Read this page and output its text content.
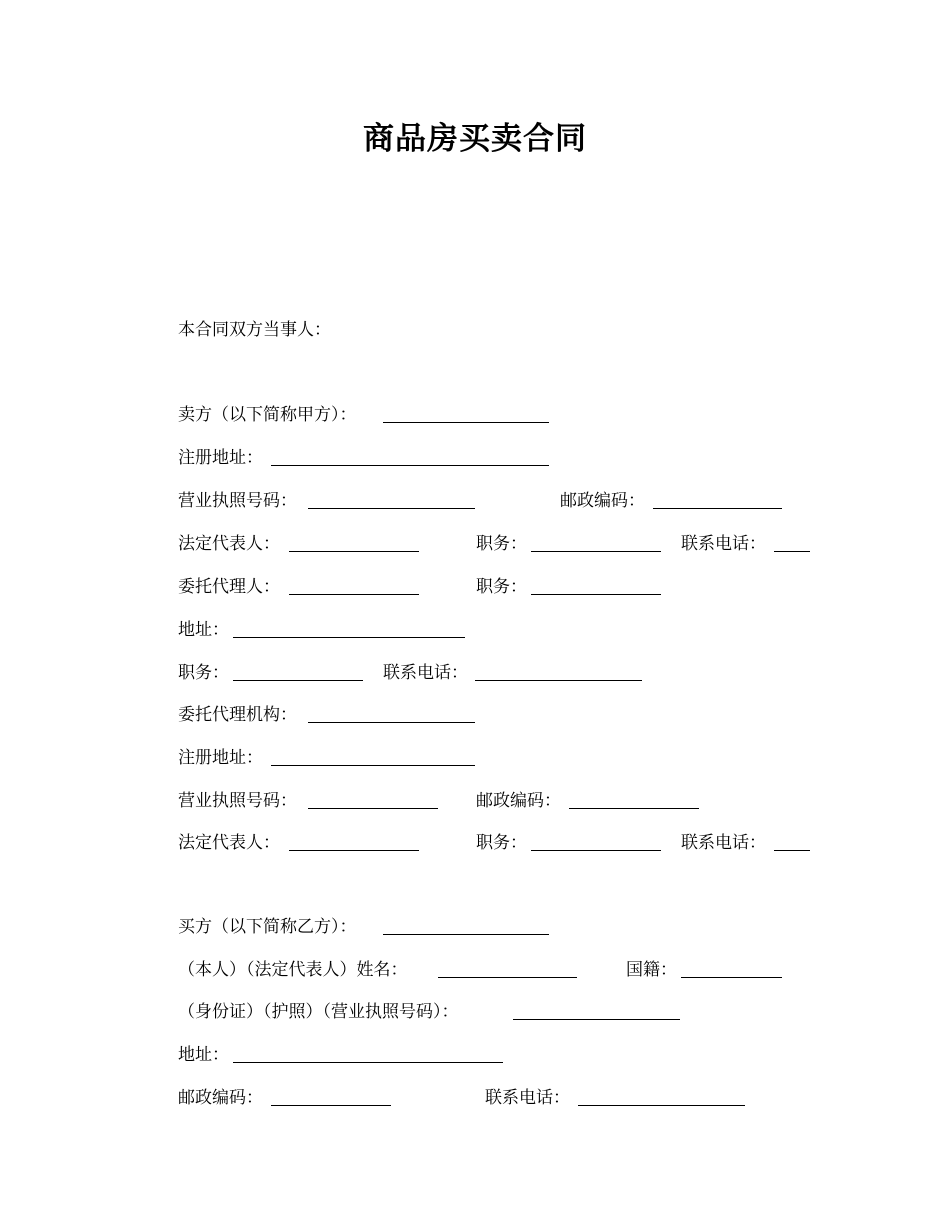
商品房买卖合同
本合同双方当事人：
卖方（以下简称甲方）：
注册地址：
营业执照号码：	邮政编码：
法定代表人：	职务：	联系电话：
委托代理人：	职务：
地址：
职务：	联系电话：
委托代理机构：
注册地址：
营业执照号码：	邮政编码：
法定代表人：	职务：	联系电话：
买方（以下简称乙方）：
（本人）（法定代表人）姓名：	国籍：
（身份证）（护照）（营业执照号码）：
地址：
邮政编码：	联系电话：
